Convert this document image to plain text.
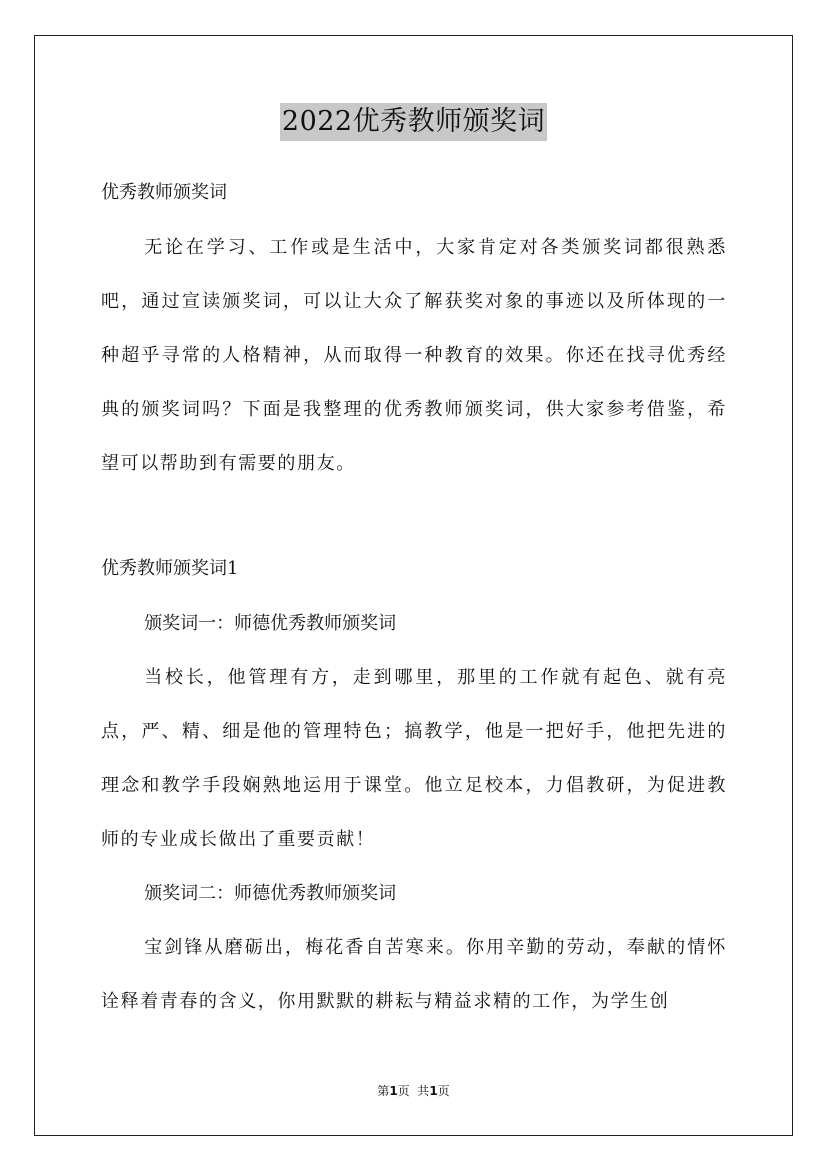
2022优秀教师颁奖词

优秀教师颁奖词

无论在学习、工作或是生活中，大家肯定对各类颁奖词都很熟悉吧，通过宣读颁奖词，可以让大众了解获奖对象的事迹以及所体现的一种超乎寻常的人格精神，从而取得一种教育的效果。你还在找寻优秀经典的颁奖词吗？下面是我整理的优秀教师颁奖词，供大家参考借鉴，希望可以帮助到有需要的朋友。

优秀教师颁奖词1

颁奖词一：师德优秀教师颁奖词

当校长，他管理有方，走到哪里，那里的工作就有起色、就有亮点，严、精、细是他的管理特色；搞教学，他是一把好手，他把先进的理念和教学手段娴熟地运用于课堂。他立足校本，力倡教研，为促进教师的专业成长做出了重要贡献！

颁奖词二：师德优秀教师颁奖词

宝剑锋从磨砺出，梅花香自苦寒来。你用辛勤的劳动，奉献的情怀诠释着青春的含义，你用默默的耕耘与精益求精的工作，为学生创

第1页  共1页
